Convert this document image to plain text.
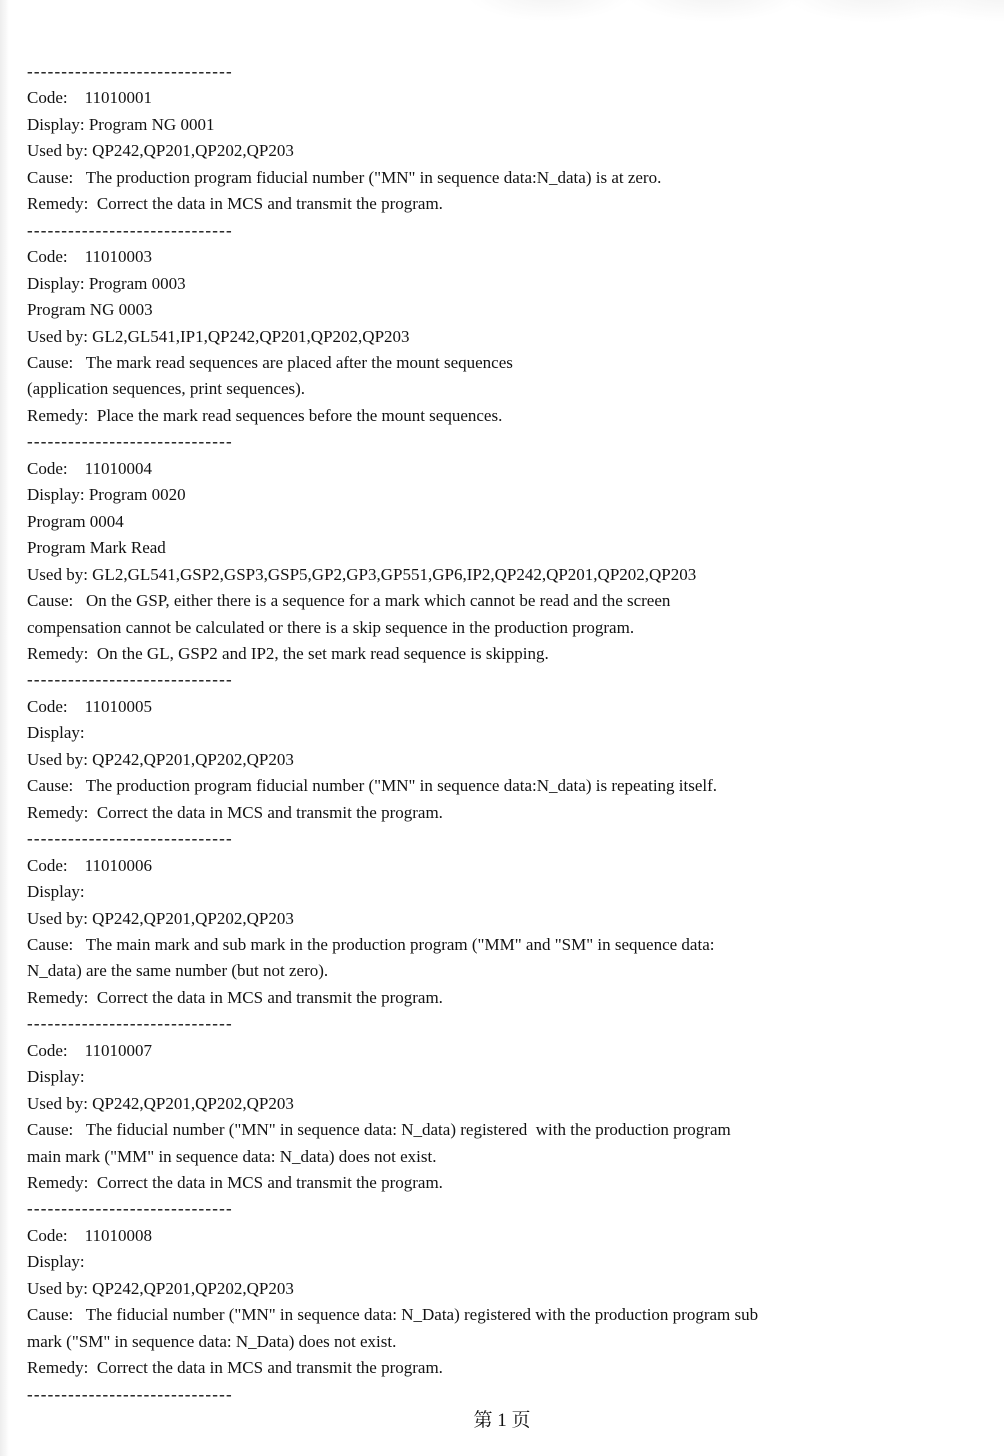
------------------------------
Code:    11010001
Display: Program NG 0001
Used by: QP242,QP201,QP202,QP203
Cause:   The production program fiducial number ("MN" in sequence data:N_data) is at zero.
Remedy:  Correct the data in MCS and transmit the program.
------------------------------
Code:    11010003
Display: Program 0003
Program NG 0003
Used by: GL2,GL541,IP1,QP242,QP201,QP202,QP203
Cause:   The mark read sequences are placed after the mount sequences
(application sequences, print sequences).
Remedy:  Place the mark read sequences before the mount sequences.
------------------------------
Code:    11010004
Display: Program 0020
Program 0004
Program Mark Read
Used by: GL2,GL541,GSP2,GSP3,GSP5,GP2,GP3,GP551,GP6,IP2,QP242,QP201,QP202,QP203
Cause:   On the GSP, either there is a sequence for a mark which cannot be read and the screen
compensation cannot be calculated or there is a skip sequence in the production program.
Remedy:  On the GL, GSP2 and IP2, the set mark read sequence is skipping.
------------------------------
Code:    11010005
Display:
Used by: QP242,QP201,QP202,QP203
Cause:   The production program fiducial number ("MN" in sequence data:N_data) is repeating itself.
Remedy:  Correct the data in MCS and transmit the program.
------------------------------
Code:    11010006
Display:
Used by: QP242,QP201,QP202,QP203
Cause:   The main mark and sub mark in the production program ("MM" and "SM" in sequence data:
N_data) are the same number (but not zero).
Remedy:  Correct the data in MCS and transmit the program.
------------------------------
Code:    11010007
Display:
Used by: QP242,QP201,QP202,QP203
Cause:   The fiducial number ("MN" in sequence data: N_data) registered  with the production program
main mark ("MM" in sequence data: N_data) does not exist.
Remedy:  Correct the data in MCS and transmit the program.
------------------------------
Code:    11010008
Display:
Used by: QP242,QP201,QP202,QP203
Cause:   The fiducial number ("MN" in sequence data: N_Data) registered with the production program sub
mark ("SM" in sequence data: N_Data) does not exist.
Remedy:  Correct the data in MCS and transmit the program.
------------------------------
第 1 页
